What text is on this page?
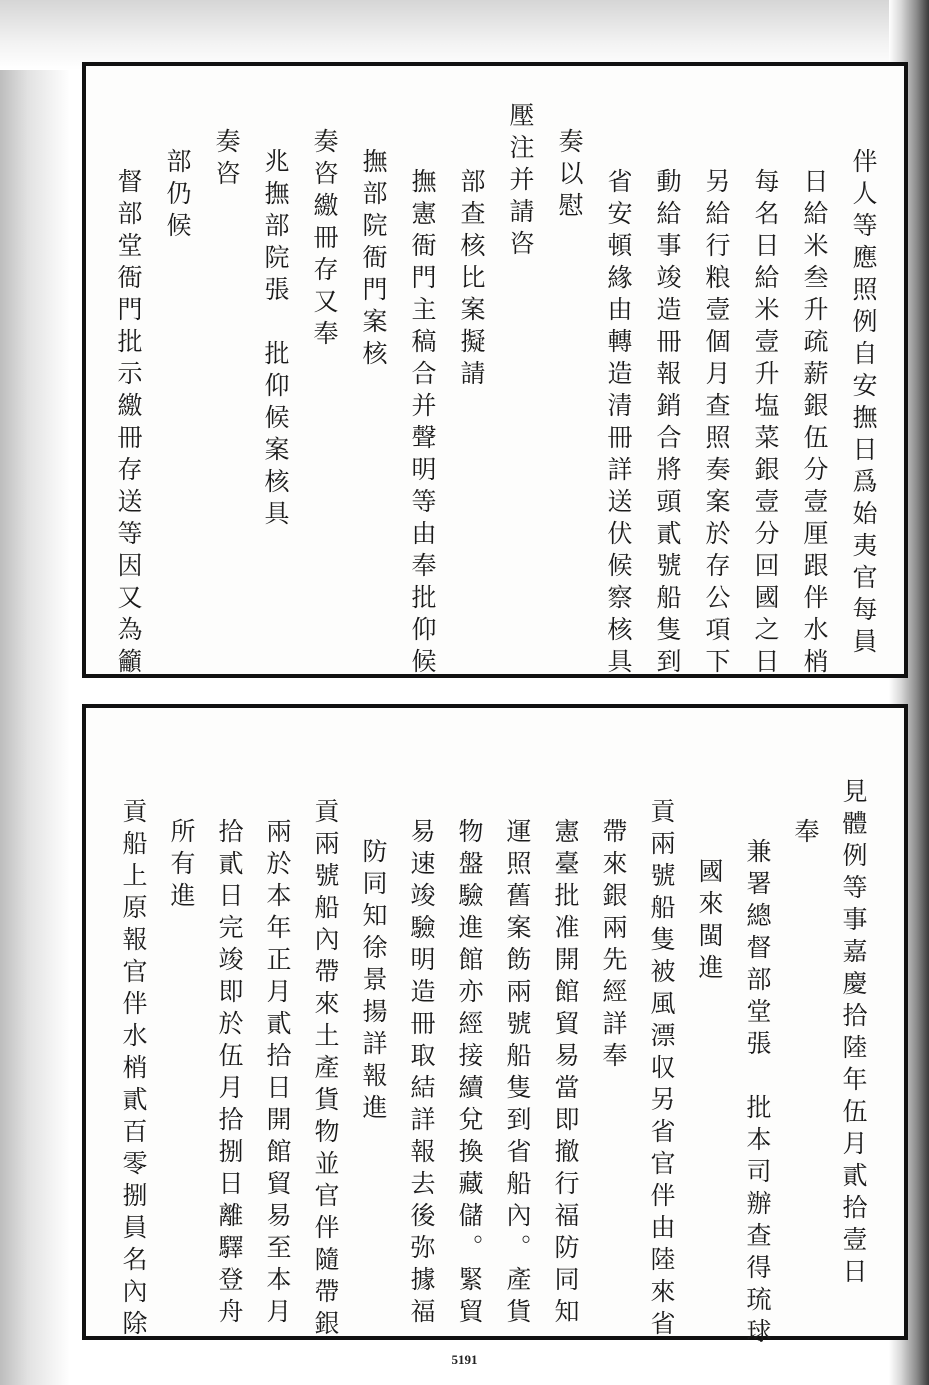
伴人等應照例自安撫日爲始夷官每員
日給米叁升疏薪銀伍分壹厘跟伴水梢
每名日給米壹升塩菜銀壹分回國之日
另給行粮壹個月查照奏案於存公項下
動給事竣造冊報銷合將頭貳號船隻到
省安頓緣由轉造清冊詳送伏候察核具
奏以慰
壓注并請咨
部查核比案擬請
撫憲衙門主稿合并聲明等由奉批仰候
撫部院衙門案核
奏咨繳冊存又奉
兆撫部院張　批仰候案核具
奏咨
部仍候
督部堂衙門批示繳冊存送等因又為籲
見體例等事嘉慶拾陸年伍月貳拾壹日
奉
兼署總督部堂張　批本司辦查得琉球
國來閩進
貢兩號船隻被風漂収另省官伴由陸來省
帶來銀兩先經詳奉
憲臺批准開館貿易當即撤行福防同知
運照舊案飭兩號船隻到省船內。產貨
物盤驗進館亦經接續兌換藏儲。緊貿
易速竣驗明造冊取結詳報去後弥據福
防同知徐景揚詳報進
貢兩號船內帶來土產貨物並官伴隨帶銀
兩於本年正月貳拾日開館貿易至本月
拾貳日完竣即於伍月拾捌日離驛登舟
所有進
貢船上原報官伴水梢貳百零捌員名內除
5191
